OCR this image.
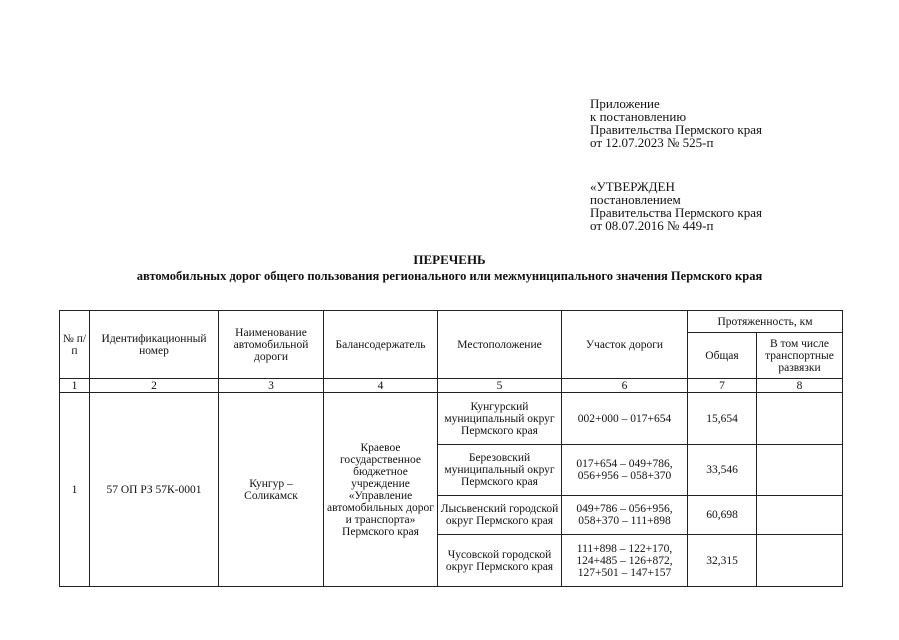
Приложение
к постановлению
Правительства Пермского края
от 12.07.2023 № 525-п
«УТВЕРЖДЕН
постановлением
Правительства Пермского края
от 08.07.2016 № 449-п
ПЕРЕЧЕНЬ
автомобильных дорог общего пользования регионального или межмуниципального значения Пермского края
№ п/п	Идентификационный номер	Наименование автомобильной дороги	Балансодержатель	Местоположение	Участок дороги	Протяженность, км	
						Общая	В том числе транспортные развязки
1	2	3	4	5	6	7	8
1	57 ОП РЗ 57К-0001	Кунгур – Соликамск	Краевое государственное бюджетное учреждение «Управление автомобильных дорог и транспорта» Пермского края	Кунгурский муниципальный округ Пермского края	002+000 – 017+654	15,654	
				Березовский муниципальный округ Пермского края	017+654 – 049+786, 056+956 – 058+370	33,546	
				Лысьвенский городской округ Пермского края	049+786 – 056+956, 058+370 – 111+898	60,698	
				Чусовской городской округ Пермского края	111+898 – 122+170, 124+485 – 126+872, 127+501 – 147+157	32,315	
